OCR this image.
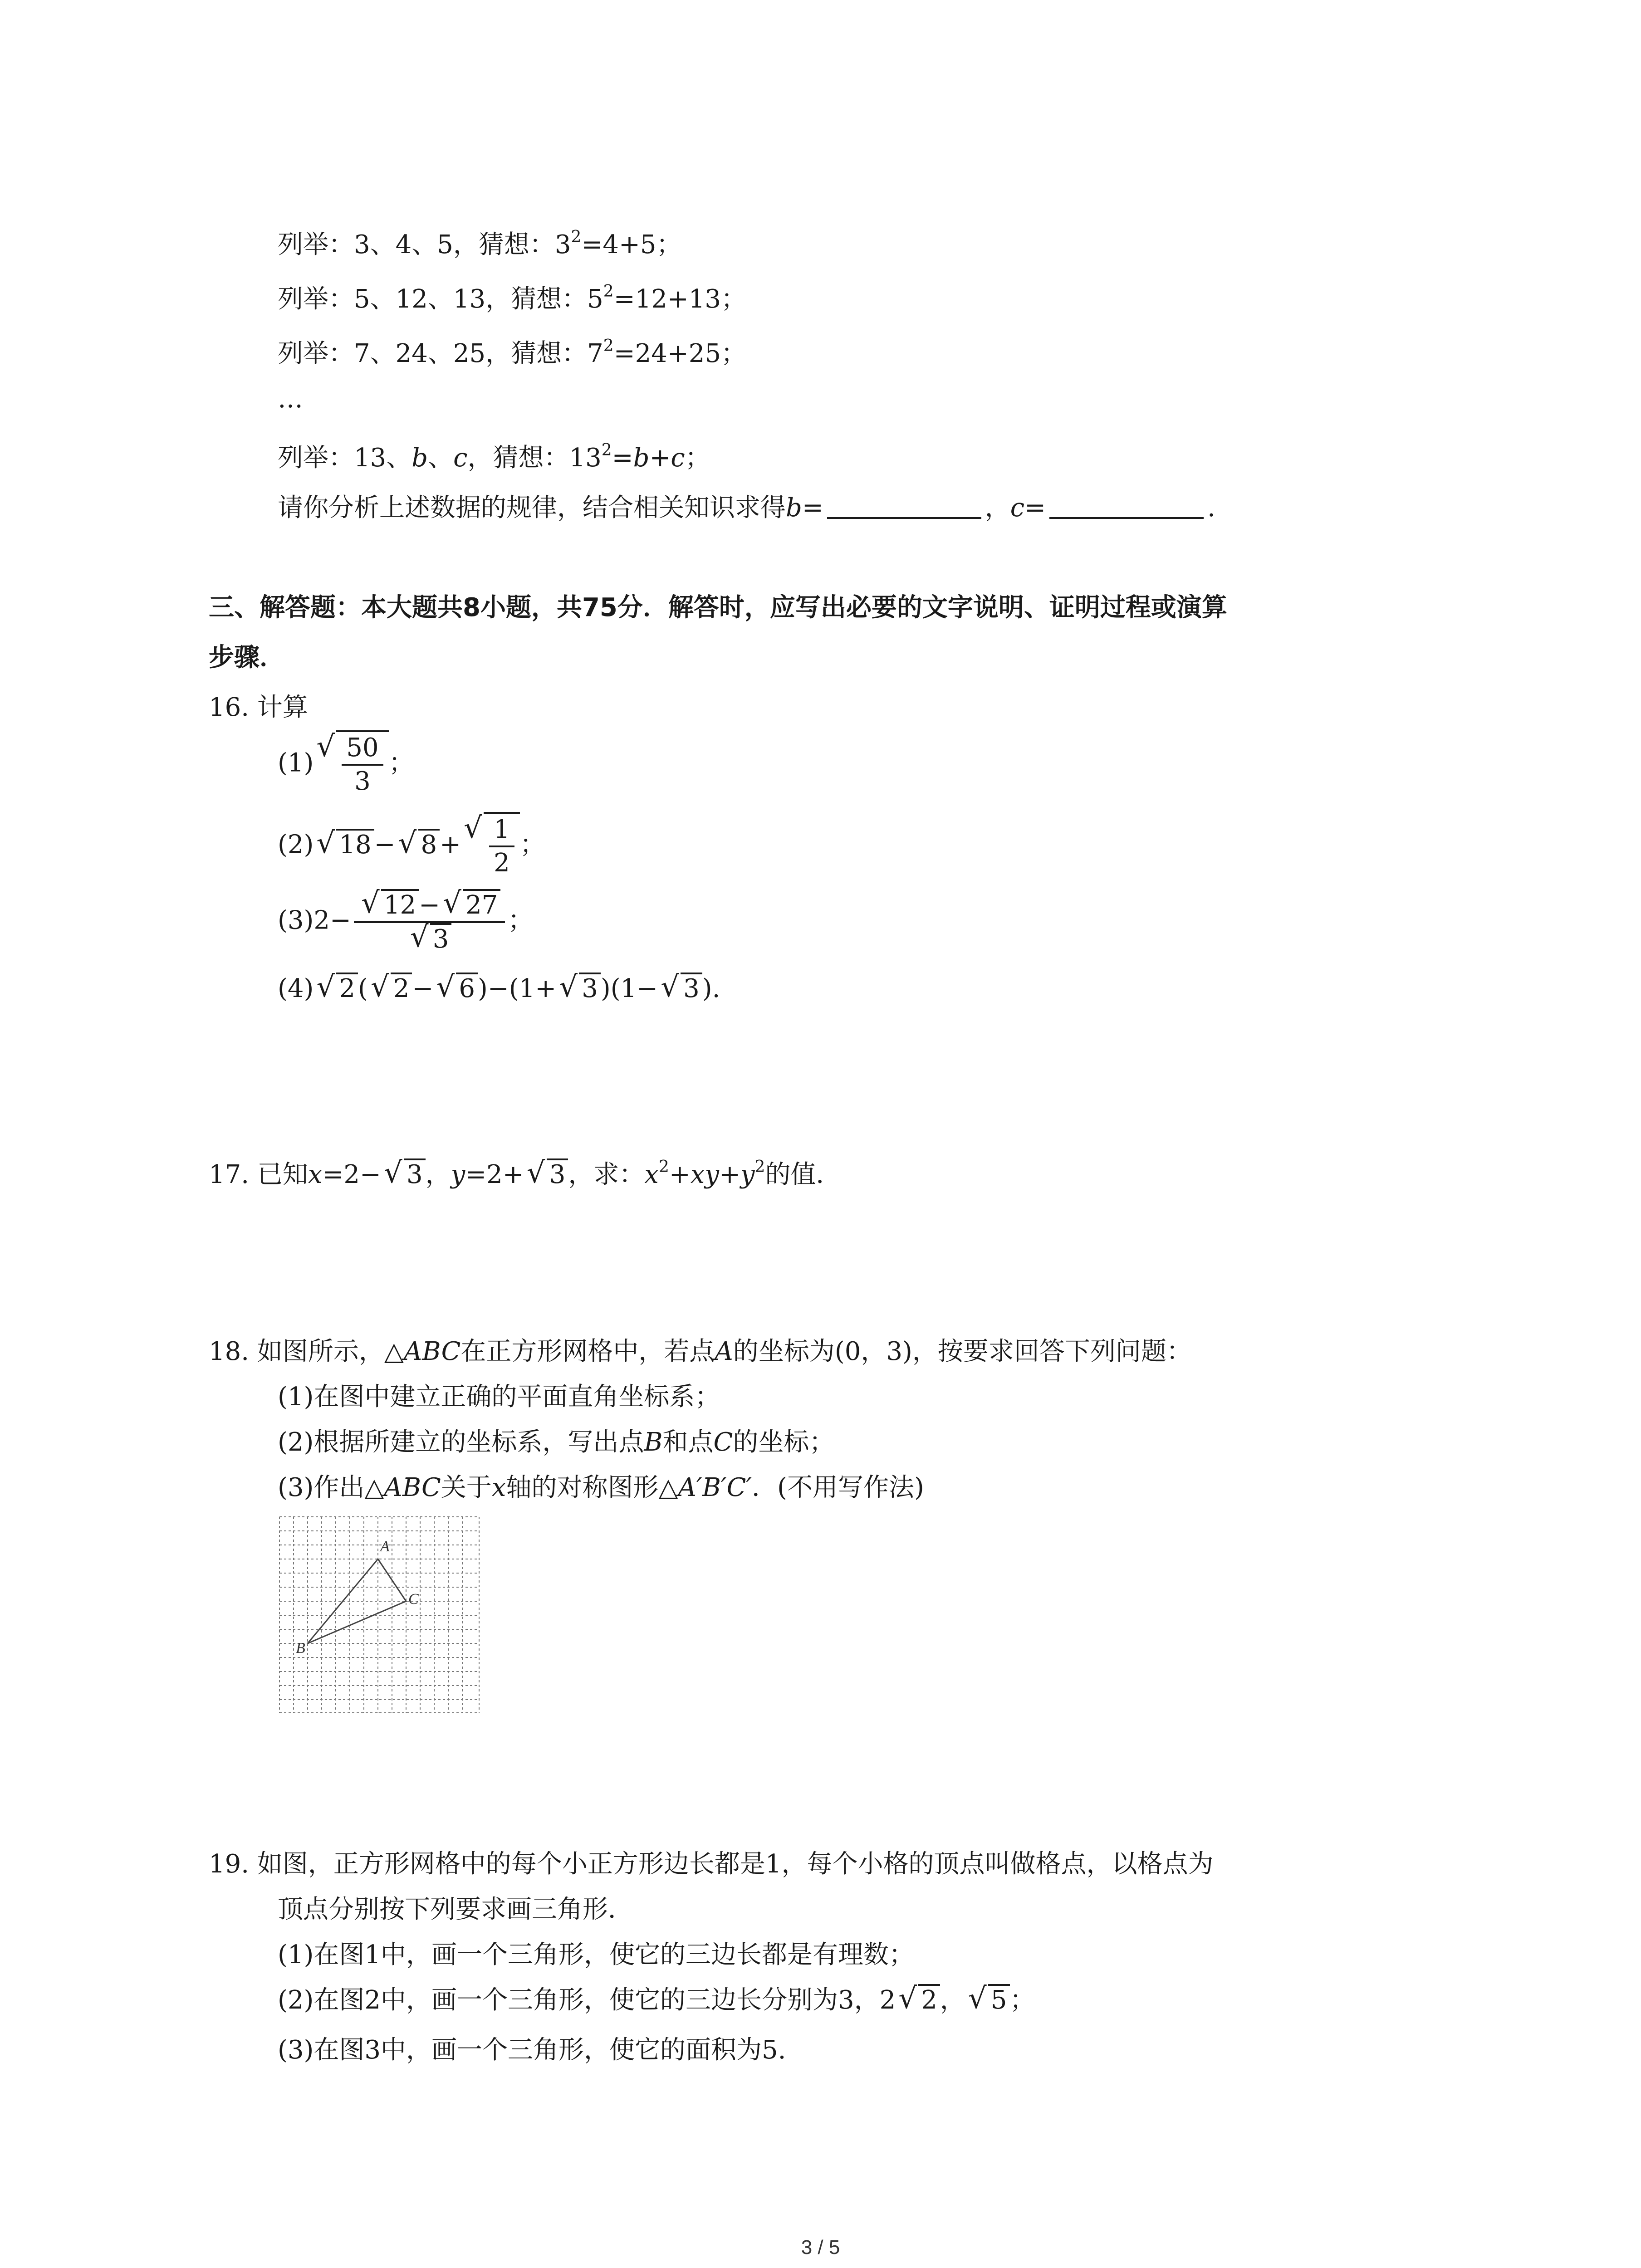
列举：3、4、5，猜想：$3^2=4+5$；
列举：5、12、13，猜想：$5^2=12+13$；
列举：7、24、25，猜想：$7^2=24+25$；
…
列举：13、b、c，猜想：$13^2=b+c$；
请你分析上述数据的规律，结合相关知识求得b=	，c=	.
三、解答题：本大题共8小题，共75分．解答时，应写出必要的文字说明、证明过程或演算
步骤．
16. 计算
(1) √ $\frac{50}{3}$ ；
(2) √ 18 − √ 8 + √ $\frac{1}{2}$ ；
(3)2− √ 12 − √ 27
√ 3 ；
(4) √ 2 ( √ 2 − √ 6 )−(1+ √ 3 )(1− √ 3 ).
17. 已知x=2− √ 3 ，y=2+ √ 3 ，求：$x^2+xy+y^2$的值．
18. 如图所示，△ABC在正方形网格中，若点A的坐标为(0，3)，按要求回答下列问题：
(1)在图中建立正确的平面直角坐标系；
(2)根据所建立的坐标系，写出点B和点C的坐标；
(3)作出△ABC关于x轴的对称图形△A′B′C′．(不用写作法)
A
C
B
19. 如图，正方形网格中的每个小正方形边长都是1，每个小格的顶点叫做格点，以格点为
顶点分别按下列要求画三角形．
(1)在图1中，画一个三角形，使它的三边长都是有理数；
(2)在图2中，画一个三角形，使它的三边长分别为3，2 √ 2 ， √ 5 ；
(3)在图3中，画一个三角形，使它的面积为5.
3 / 5
